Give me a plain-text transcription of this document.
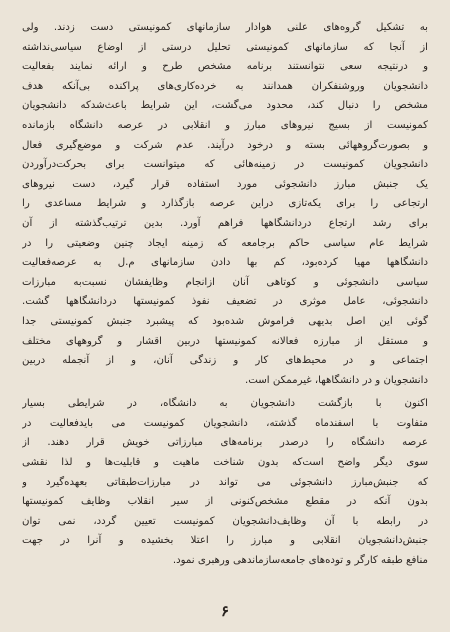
به تشکیل گروه‌های علنی هوادار سازمانهای کمونیستی دست زدند. ولی
از آنجا که سازمانهای کمونیستی تحلیل درستی از اوضاع سیاسی‌نداشته
و درنتیجه سعی نتوانستند برنامه مشخص طرح و ارائه نمایند بفعالیت
دانشجویان وروشنفکران همدانند به خرده‌کاری‌های پراکنده بی‌آنکه هدف
مشخص را دنبال کند، محدود می‌گشت، این شرایط باعث‌شدکه دانشجویان
کمونیست از بسیج نیروهای مبارز و انقلابی در عرصه دانشگاه بازمانده
و بصورت‌گروههائی بسته و درخود درآیند. عدم شرکت و موضع‌گیری فعال
دانشجویان کمونیست در زمینه‌هائی که میتوانست برای بحرکت‌درآوردن
یک جنبش مبارز دانشجوئی مورد استفاده قرار گیرد، دست نیروهای
ارتجاعی را برای یکه‌تازی دراین عرصه بازگذارد و شرایط مساعدی را
برای رشد ارتجاع دردانشگاهها فراهم آورد. بدین ترتیب‌گذشته از آن
شرایط عام سیاسی حاکم برجامعه که زمینه ایجاد چنین وضعیتی را در
دانشگاهها مهیا کرده‌بود، کم بها دادن سازمانهای م.ل به عرصه‌فعالیت
سیاسی دانشجوئی و کوتاهی آنان ازانجام وظایفشان نسبت‌به مبارزات
دانشجوئی، عامل موثری در تضعیف نفوذ کمونیستها دردانشگاهها گشت.
گوئی این اصل بدیهی فراموش شده‌بود که پیشبرد جنبش کمونیستی جدا
و مستقل از مبارزه فعالانه کمونیستها دربین اقشار و گروههای مختلف
اجتماعی و در محیط‌های کار و زندگی آنان، و از آنجمله دربین
دانشجویان و در دانشگاهها، غیرممکن است.
اکنون با بازگشت دانشجویان به دانشگاه، در شرایطی بسیار
متفاوت با اسفندماه گذشته، دانشجویان کمونیست می بایدفعالیت در
عرصه دانشگاه را درصدر برنامه‌های مبارزاتی خویش قرار دهند. از
سوی دیگر واضح است‌که بدون شناخت ماهیت و قابلیت‌ها و لذا نقشی
که جنبش‌مبارز دانشجوئی می تواند در مبارزات‌طبقاتی بعهده‌گیرد و
بدون آنکه در مقطع مشخص‌کنونی از سیر انقلاب وظایف کمونیستها
در رابطه با آن وظایف‌دانشجویان کمونیست تعیین گردد، نمی توان
جنبش‌دانشجویان انقلابی و مبارز را اعتلا بخشیده و آنرا در جهت
منافع طبقه کارگر و توده‌های جامعه‌سازماندهی ورهبری نمود.
۶
